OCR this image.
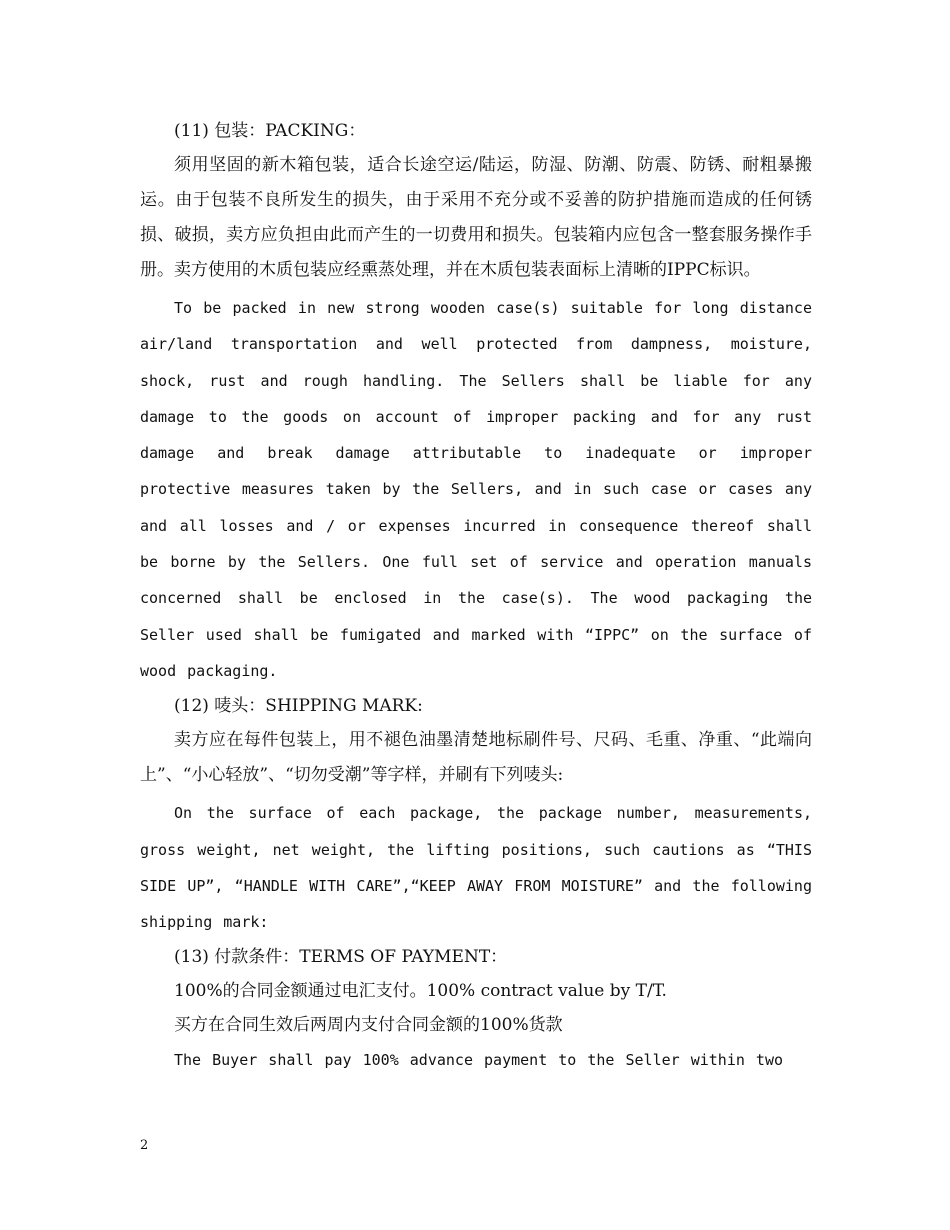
(11) 包装：PACKING：

须用坚固的新木箱包装，适合长途空运/陆运，防湿、防潮、防震、防锈、耐粗暴搬运。由于包装不良所发生的损失，由于采用不充分或不妥善的防护措施而造成的任何锈损、破损，卖方应负担由此而产生的一切费用和损失。包装箱内应包含一整套服务操作手册。卖方使用的木质包装应经熏蒸处理，并在木质包装表面标上清晰的IPPC标识。

To be packed in new strong wooden case(s) suitable for long distance air/land transportation and well protected from dampness, moisture, shock, rust and rough handling. The Sellers shall be liable for any damage to the goods on account of improper packing and for any rust damage and break damage attributable to inadequate or improper protective measures taken by the Sellers, and in such case or cases any and all losses and / or expenses incurred in consequence thereof shall be borne by the Sellers. One full set of service and operation manuals concerned shall be enclosed in the case(s). The wood packaging the Seller used shall be fumigated and marked with “IPPC” on the surface of wood packaging.

(12) 唛头：SHIPPING MARK:

卖方应在每件包装上，用不褪色油墨清楚地标刷件号、尺码、毛重、净重、“此端向上”、“小心轻放”、“切勿受潮”等字样，并刷有下列唛头:

On the surface of each package, the package number, measurements, gross weight, net weight, the lifting positions, such cautions as “THIS SIDE UP”, “HANDLE WITH CARE”,“KEEP AWAY FROM MOISTURE” and the following shipping mark:

(13) 付款条件：TERMS OF PAYMENT：

100%的合同金额通过电汇支付。100% contract value by T/T.

买方在合同生效后两周内支付合同金额的100%货款

The Buyer shall pay 100% advance payment to the Seller within two

2
